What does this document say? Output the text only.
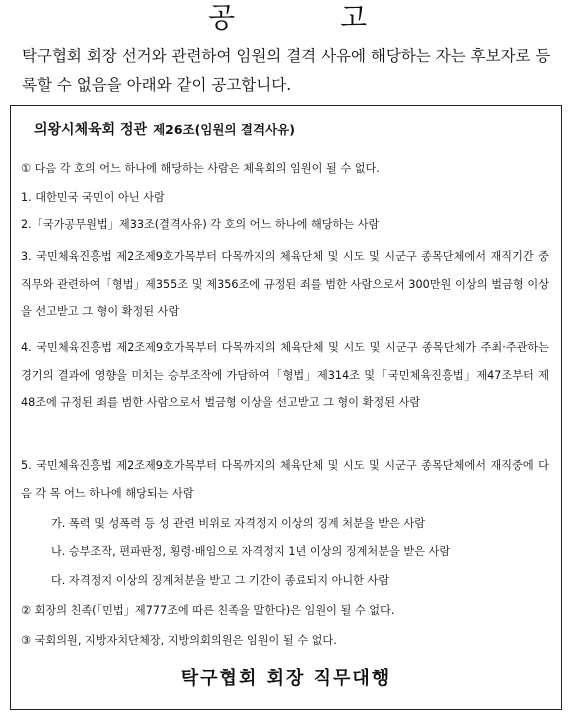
공 고
탁구협회 회장 선거와 관련하여 임원의 결격 사유에 해당하는 자는 후보자로 등록할 수 없음을 아래와 같이 공고합니다.
의왕시체육회 정관 제26조(임원의 결격사유)
① 다음 각 호의 어느 하나에 해당하는 사람은 체육회의 임원이 될 수 없다.
1. 대한민국 국민이 아닌 사람
2.「국가공무원법」제33조(결격사유) 각 호의 어느 하나에 해당하는 사람
3. 국민체육진흥법 제2조제9호가목부터 다목까지의 체육단체 및 시도 및 시군구 종목단체에서 재직기간 중 직무와 관련하여「형법」제355조 및 제356조에 규정된 죄를 범한 사람으로서 300만원 이상의 벌금형 이상을 선고받고 그 형이 확정된 사람
4. 국민체육진흥법 제2조제9호가목부터 다목까지의 체육단체 및 시도 및 시군구 종목단체가 주최·주관하는 경기의 결과에 영향을 미치는 승부조작에 가담하여「형법」제314조 및「국민체육진흥법」제47조부터 제48조에 규정된 죄를 범한 사람으로서 벌금형 이상을 선고받고 그 형이 확정된 사람
5. 국민체육진흥법 제2조제9호가목부터 다목까지의 체육단체 및 시도 및 시군구 종목단체에서 재직중에 다음 각 목 어느 하나에 해당되는 사람
가. 폭력 및 성폭력 등 성 관련 비위로 자격정지 이상의 징계 처분을 받은 사람
나. 승부조작, 편파판정, 횡령·배임으로 자격정지 1년 이상의 징계처분을 받은 사람
다. 자격정지 이상의 징계처분을 받고 그 기간이 종료되지 아니한 사람
② 회장의 친족(「민법」제777조에 따른 친족을 말한다)은 임원이 될 수 없다.
③ 국회의원, 지방자치단체장, 지방의회의원은 임원이 될 수 없다.
탁구협회 회장 직무대행
